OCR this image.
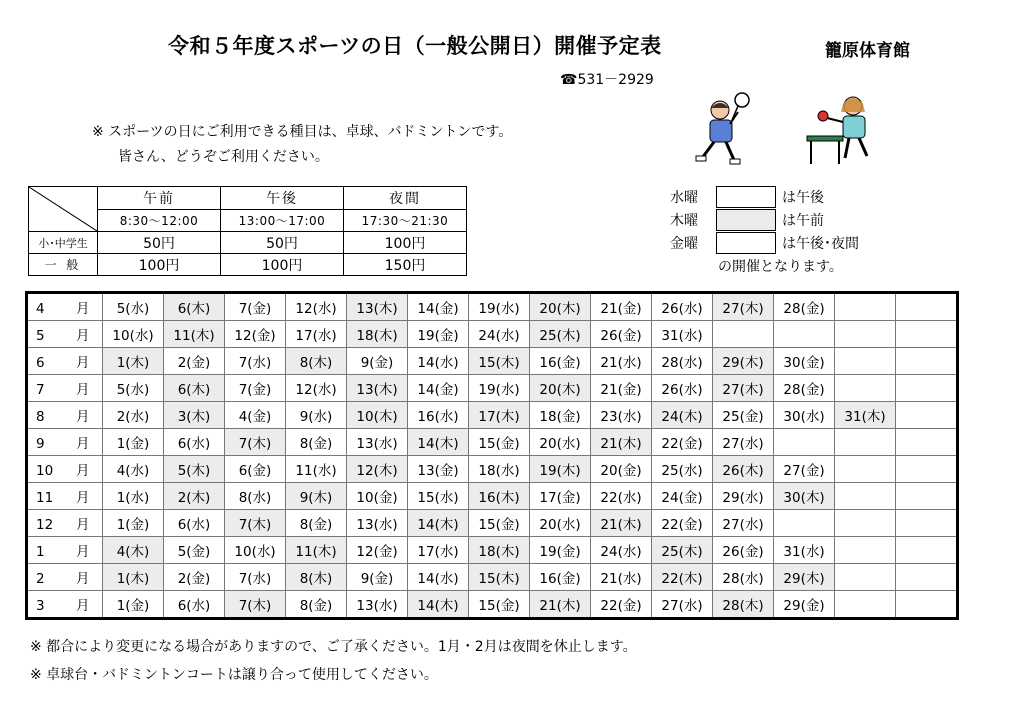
令和５年度スポーツの日（一般公開日）開催予定表	籠原体育館
☎531－2929
※ スポーツの日にご利用できる種目は、卓球、バドミントンです。
皆さん、どうぞご利用ください。
	午前	午後	夜間
	8:30～12:00	13:00～17:00	17:30～21:30
小･中学生	50円	50円	100円
一 般	100円	100円	150円
水曜	は午後
木曜	は午前
金曜	は午後･夜間
の開催となります。
4 月	5(水)	6(木)	7(金)	12(水)	13(木)	14(金)	19(水)	20(木)	21(金)	26(水)	27(木)	28(金)		
5 月	10(水)	11(木)	12(金)	17(水)	18(木)	19(金)	24(水)	25(木)	26(金)	31(水)				
6 月	1(木)	2(金)	7(水)	8(木)	9(金)	14(水)	15(木)	16(金)	21(水)	28(水)	29(木)	30(金)		
7 月	5(水)	6(木)	7(金)	12(水)	13(木)	14(金)	19(水)	20(木)	21(金)	26(水)	27(木)	28(金)		
8 月	2(水)	3(木)	4(金)	9(水)	10(木)	16(水)	17(木)	18(金)	23(水)	24(木)	25(金)	30(水)	31(木)	
9 月	1(金)	6(水)	7(木)	8(金)	13(水)	14(木)	15(金)	20(水)	21(木)	22(金)	27(水)			
10 月	4(水)	5(木)	6(金)	11(水)	12(木)	13(金)	18(水)	19(木)	20(金)	25(水)	26(木)	27(金)		
11 月	1(水)	2(木)	8(水)	9(木)	10(金)	15(水)	16(木)	17(金)	22(水)	24(金)	29(水)	30(木)		
12 月	1(金)	6(水)	7(木)	8(金)	13(水)	14(木)	15(金)	20(水)	21(木)	22(金)	27(水)			
1 月	4(木)	5(金)	10(水)	11(木)	12(金)	17(水)	18(木)	19(金)	24(水)	25(木)	26(金)	31(水)		
2 月	1(木)	2(金)	7(水)	8(木)	9(金)	14(水)	15(木)	16(金)	21(水)	22(木)	28(水)	29(木)		
3 月	1(金)	6(水)	7(木)	8(金)	13(水)	14(木)	15(金)	21(木)	22(金)	27(水)	28(木)	29(金)		
※ 都合により変更になる場合がありますので、ご了承ください。1月・2月は夜間を休止します。
※ 卓球台・バドミントンコートは譲り合って使用してください。
